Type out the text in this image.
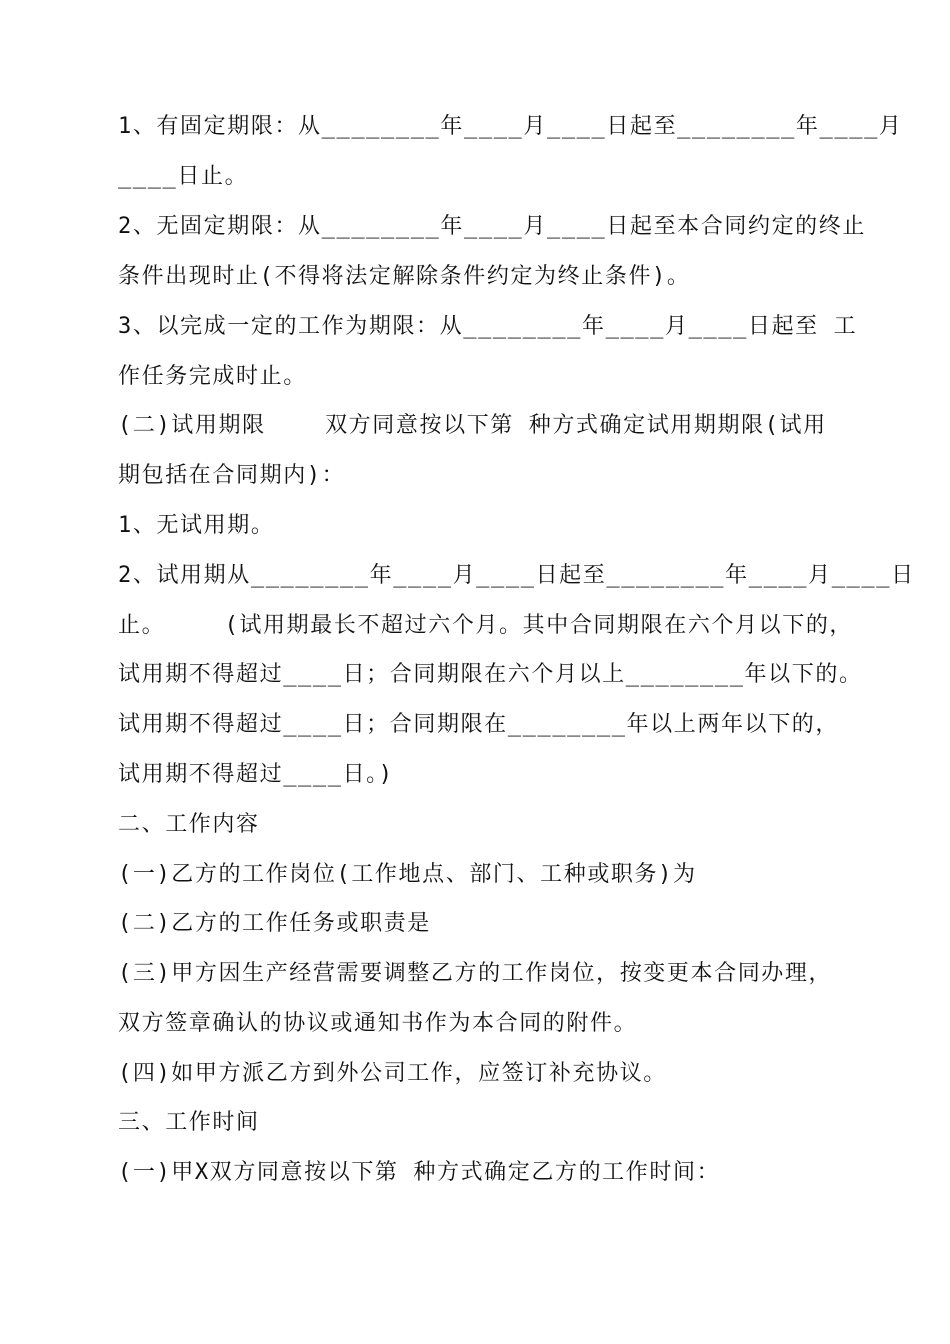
1、有固定期限：从________年____月____日起至________年____月
____日止。
2、无固定期限：从________年____月____日起至本合同约定的终止
条件出现时止(不得将法定解除条件约定为终止条件)。
3、以完成一定的工作为期限：从________年____月____日起至 工
作任务完成时止。
(二)试用期限    双方同意按以下第 种方式确定试用期期限(试用
期包括在合同期内)：
1、无试用期。
2、试用期从________年____月____日起至________年____月____日
止。    (试用期最长不超过六个月。其中合同期限在六个月以下的，
试用期不得超过____日；合同期限在六个月以上________年以下的。
试用期不得超过____日；合同期限在________年以上两年以下的，
试用期不得超过____日。)
二、工作内容
(一)乙方的工作岗位(工作地点、部门、工种或职务)为
(二)乙方的工作任务或职责是
(三)甲方因生产经营需要调整乙方的工作岗位，按变更本合同办理，
双方签章确认的协议或通知书作为本合同的附件。
(四)如甲方派乙方到外公司工作，应签订补充协议。
三、工作时间
(一)甲X双方同意按以下第 种方式确定乙方的工作时间：
